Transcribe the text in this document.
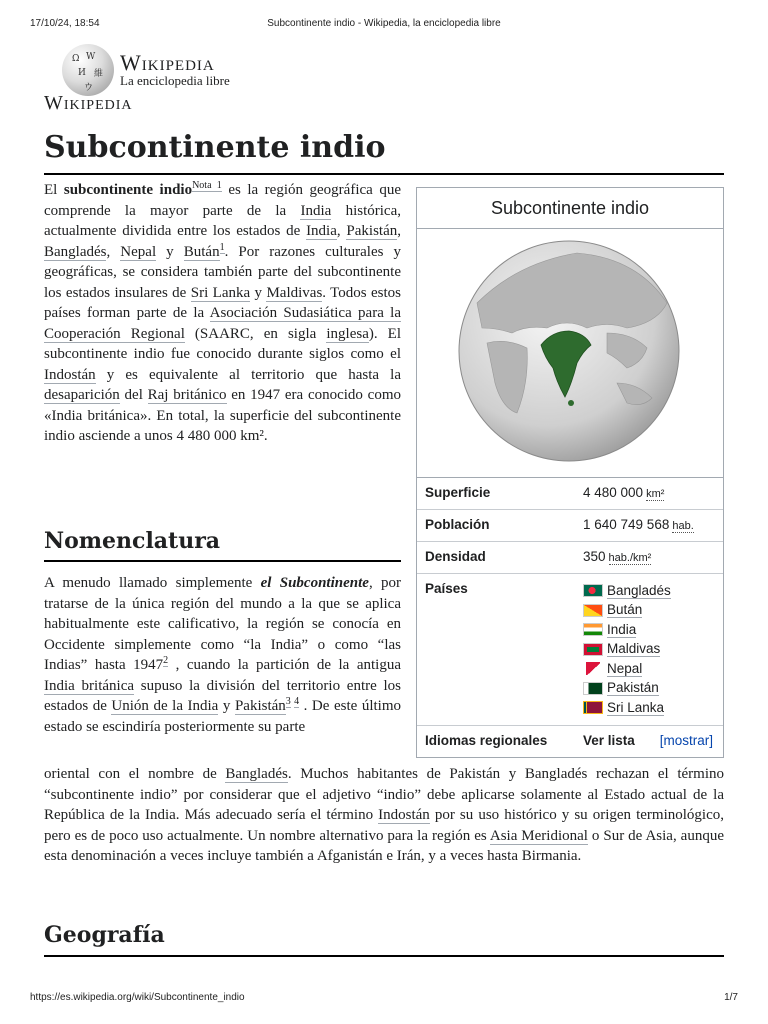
17/10/24, 18:54	Subcontinente indio - Wikipedia, la enciclopedia libre
Ω W
И 維
ウ
Wikipedia
La enciclopedia libre
Wikipedia
Subcontinente indio
El subcontinente indio$^{Nota 1}$ es la región geográfica que comprende la mayor parte de la India histórica, actualmente dividida entre los estados de India, Pakistán, Bangladés, Nepal y Bután$^1$. Por razones culturales y geográficas, se considera también parte del subcontinente los estados insulares de Sri Lanka y Maldivas. Todos estos países forman parte de la Asociación Sudasiática para la Cooperación Regional (SAARC, en sigla inglesa). El subcontinente indio fue conocido durante siglos como el Indostán y es equivalente al territorio que hasta la desaparición del Raj británico en 1947 era conocido como «India británica». En total, la superficie del subcontinente indio asciende a unos 4 480 000 km².
Nomenclatura
A menudo llamado simplemente el Subcontinente, por tratarse de la única región del mundo a la que se aplica habitualmente este calificativo, la región se conocía en Occidente simplemente como “la India” o como “las Indias” hasta 1947$^2$ , cuando la partición de la antigua India británica supuso la división del territorio entre los estados de Unión de la India y Pakistán$^{3 4}$ . De este último estado se escindiría posteriormente su parte
oriental con el nombre de Bangladés. Muchos habitantes de Pakistán y Bangladés rechazan el término “subcontinente indio” por considerar que el adjetivo “indio” debe aplicarse solamente al Estado actual de la República de la India. Más adecuado sería el término Indostán por su uso histórico y su origen terminológico, pero es de poco uso actualmente. Un nombre alternativo para la región es Asia Meridional o Sur de Asia, aunque esta denominación a veces incluye también a Afganistán e Irán, y a veces hasta Birmania.
Geografía
Subcontinente indio
Superficie	4 480 000 km²
Población	1 640 749 568 hab.
Densidad	350 hab./km²
Países	Bangladés
Bután
India
Maldivas
Nepal
Pakistán
Sri Lanka
Idiomas regionales	Ver lista [mostrar]
https://es.wikipedia.org/wiki/Subcontinente_indio	1/7
